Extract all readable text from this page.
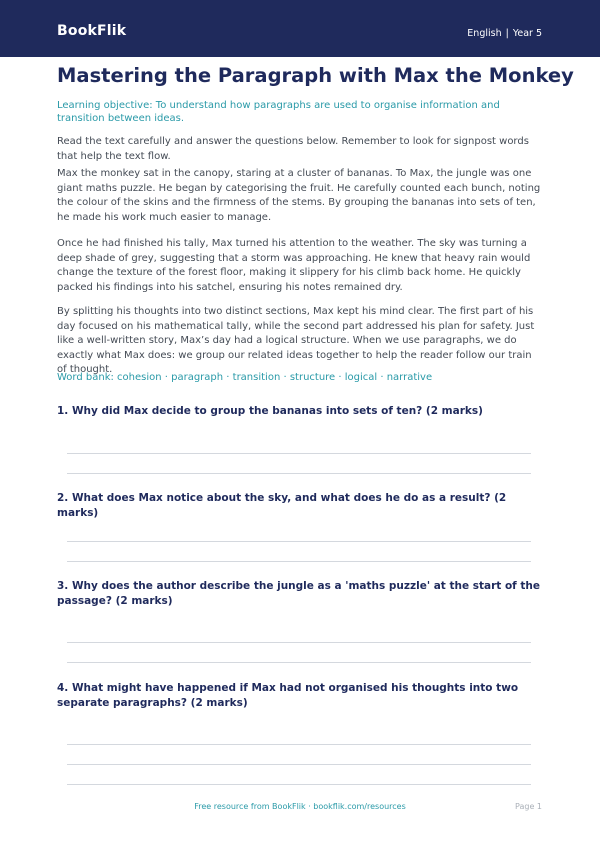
BookFlik	English | Year 5
Mastering the Paragraph with Max the Monkey

Learning objective: To understand how paragraphs are used to organise information and transition between ideas.

Read the text carefully and answer the questions below. Remember to look for signpost words that help the text flow.

Max the monkey sat in the canopy, staring at a cluster of bananas. To Max, the jungle was one giant maths puzzle. He began by categorising the fruit. He carefully counted each bunch, noting the colour of the skins and the firmness of the stems. By grouping the bananas into sets of ten, he made his work much easier to manage.

Once he had finished his tally, Max turned his attention to the weather. The sky was turning a deep shade of grey, suggesting that a storm was approaching. He knew that heavy rain would change the texture of the forest floor, making it slippery for his climb back home. He quickly packed his findings into his satchel, ensuring his notes remained dry.

By splitting his thoughts into two distinct sections, Max kept his mind clear. The first part of his day focused on his mathematical tally, while the second part addressed his plan for safety. Just like a well-written story, Max’s day had a logical structure. When we use paragraphs, we do exactly what Max does: we group our related ideas together to help the reader follow our train of thought.

Word bank: cohesion · paragraph · transition · structure · logical · narrative

1. Why did Max decide to group the bananas into sets of ten? (2 marks)

2. What does Max notice about the sky, and what does he do as a result? (2 marks)

3. Why does the author describe the jungle as a 'maths puzzle' at the start of the passage? (2 marks)

4. What might have happened if Max had not organised his thoughts into two separate paragraphs? (2 marks)

Free resource from BookFlik · bookflik.com/resources	Page 1
